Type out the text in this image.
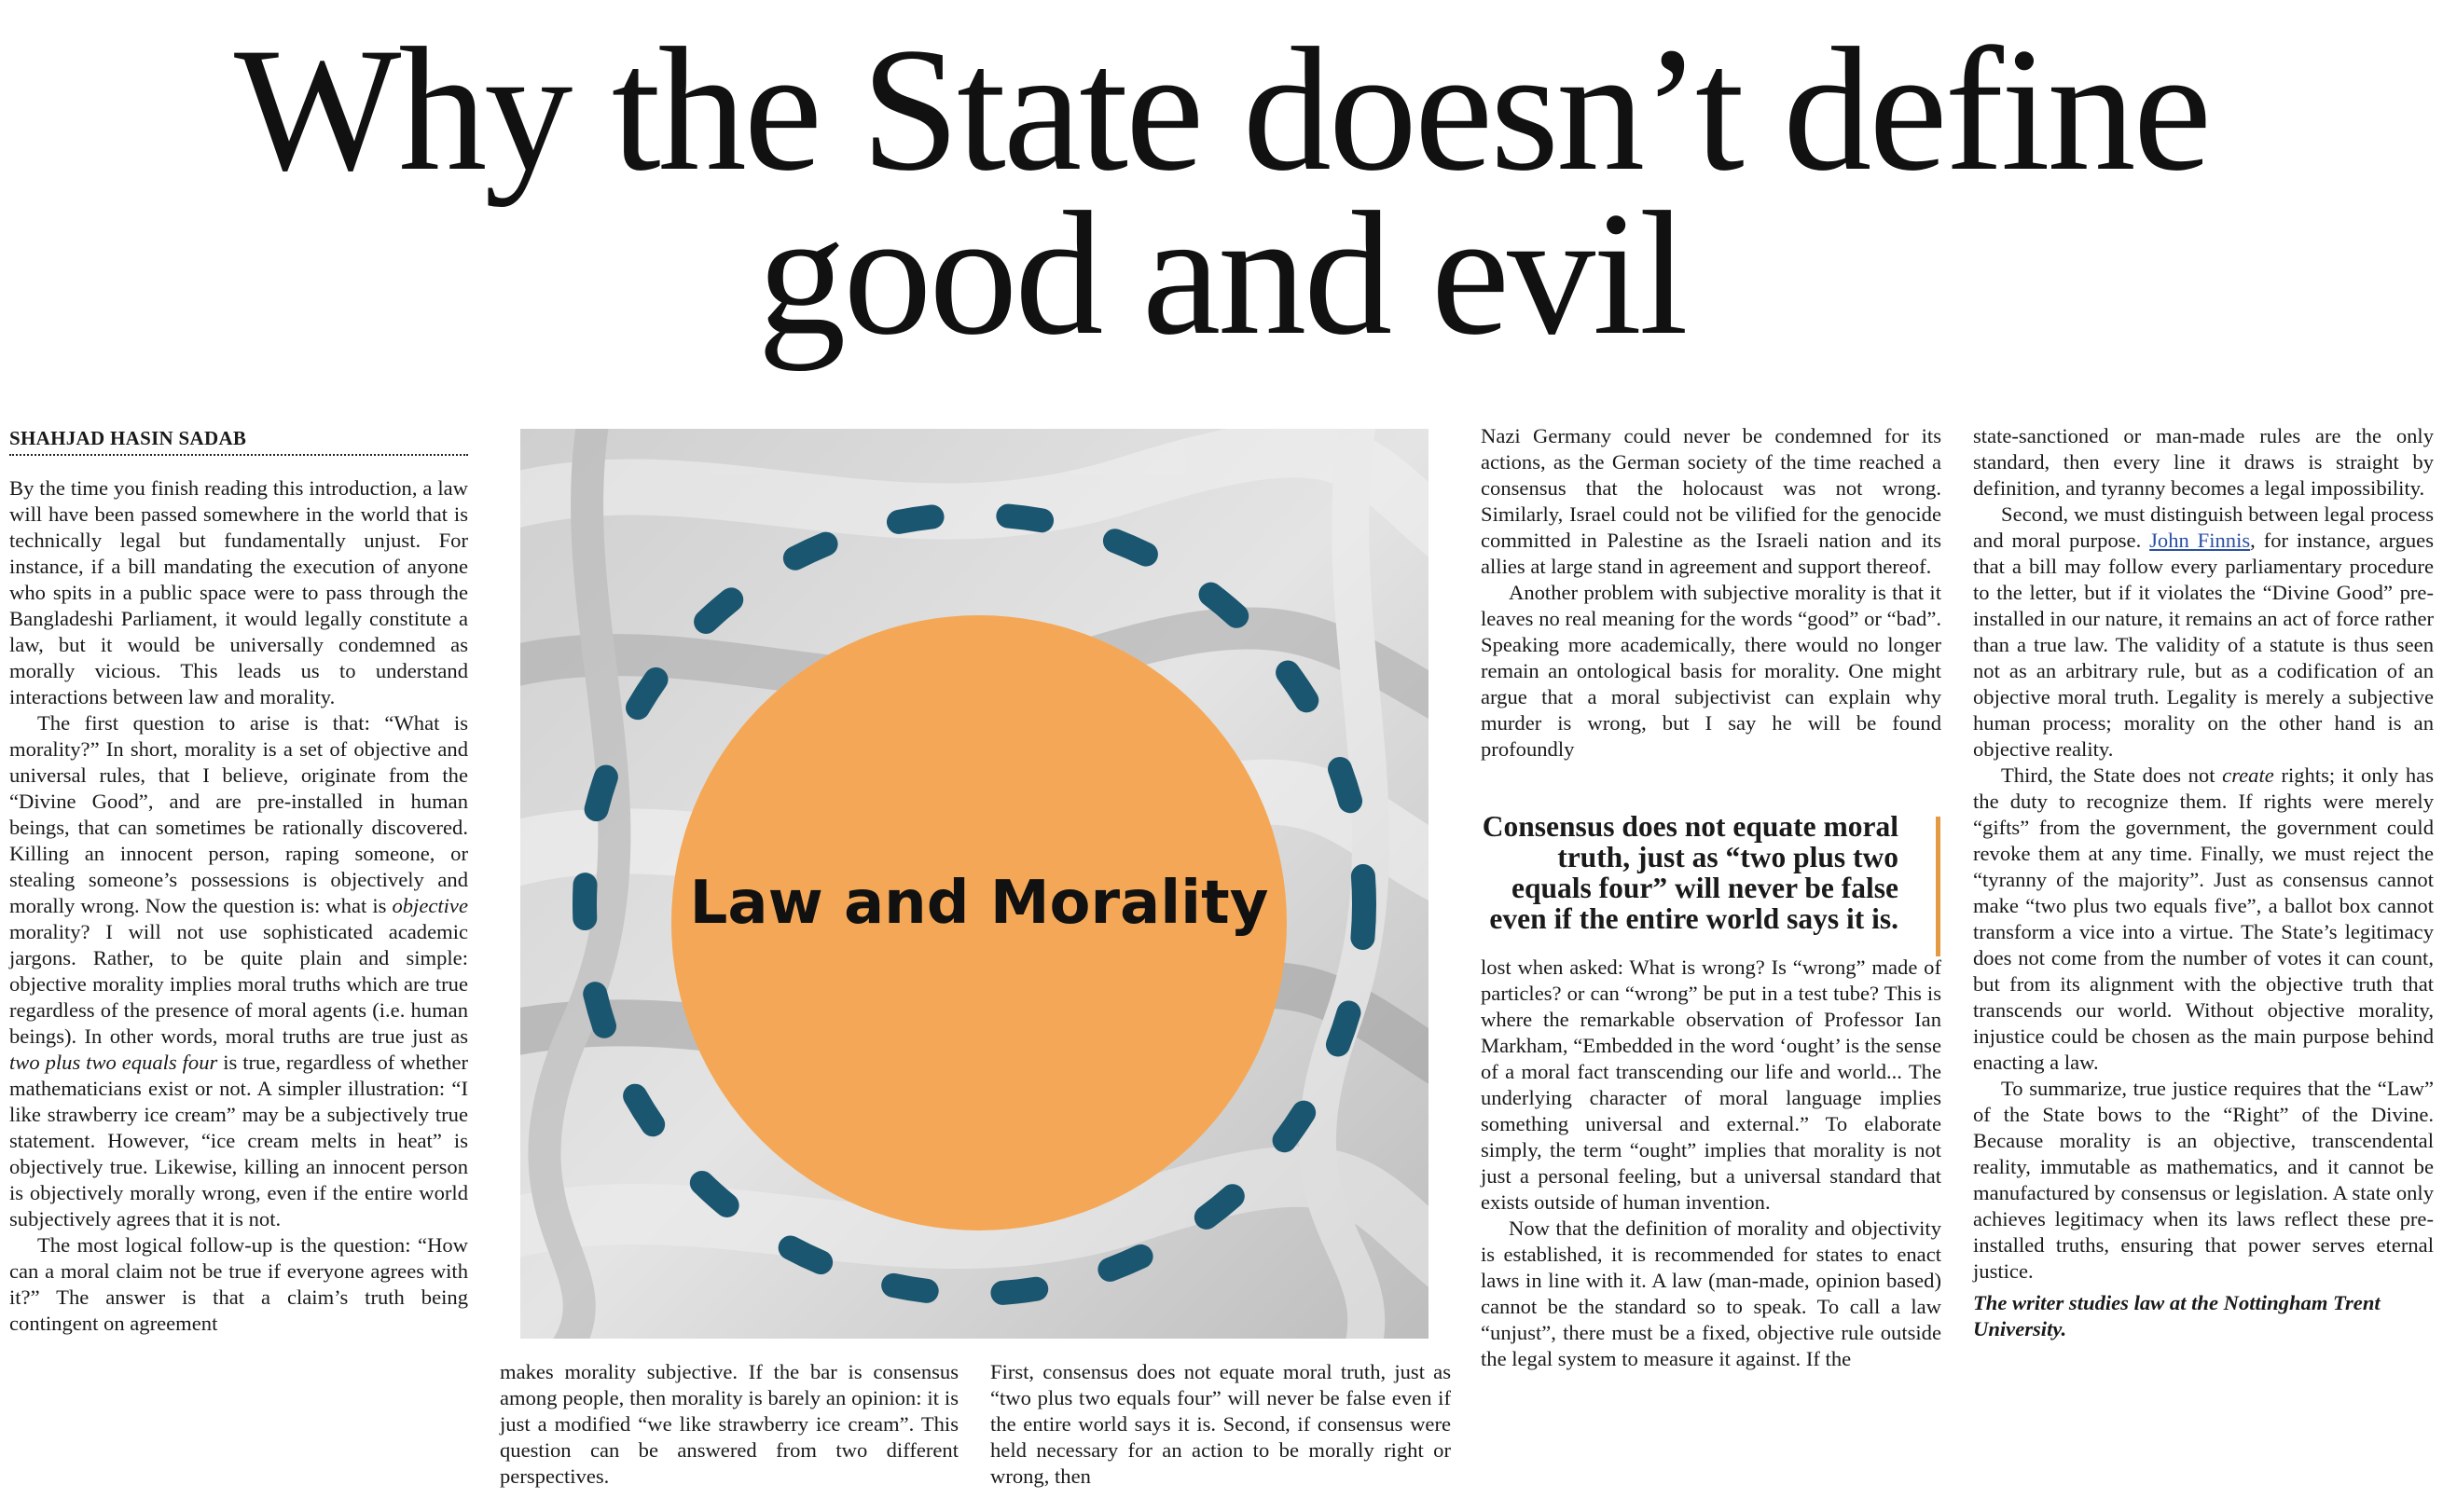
Why the State doesn’t define
good and evil
SHAHJAD HASIN SADAB

By the time you finish reading this introduction, a law will have been passed somewhere in the world that is technically legal but fundamentally unjust. For instance, if a bill mandating the execution of anyone who spits in a public space were to pass through the Bangladeshi Parliament, it would legally constitute a law, but it would be universally condemned as morally vicious. This leads us to understand interactions between law and morality.

The first question to arise is that: “What is morality?” In short, morality is a set of objective and universal rules, that I believe, originate from the “Divine Good”, and are pre-installed in human beings, that can sometimes be rationally discovered. Killing an innocent person, raping someone, or stealing someone’s possessions is objectively and morally wrong. Now the question is: what is objective morality? I will not use sophisticated academic jargons. Rather, to be quite plain and simple: objective morality implies moral truths which are true regardless of the presence of moral agents (i.e. human beings). In other words, moral truths are true just as two plus two equals four is true, regardless of whether mathematicians exist or not. A simpler illustration: “I like strawberry ice cream” may be a subjectively true statement. However, “ice cream melts in heat” is objectively true. Likewise, killing an innocent person is objectively morally wrong, even if the entire world subjectively agrees that it is not.

The most logical follow-up is the question: “How can a moral claim not be true if everyone agrees with it?” The answer is that a claim’s truth being contingent on agreement

Law and Morality

makes morality subjective. If the bar is consensus among people, then morality is barely an opinion: it is just a modified “we like strawberry ice cream”. This question can be answered from two different perspectives.

First, consensus does not equate moral truth, just as “two plus two equals four” will never be false even if the entire world says it is. Second, if consensus were held necessary for an action to be morally right or wrong, then

Nazi Germany could never be condemned for its actions, as the German society of the time reached a consensus that the holocaust was not wrong. Similarly, Israel could not be vilified for the genocide committed in Palestine as the Israeli nation and its allies at large stand in agreement and support thereof.

Another problem with subjective morality is that it leaves no real meaning for the words “good” or “bad”. Speaking more academically, there would no longer remain an ontological basis for morality. One might argue that a moral subjectivist can explain why murder is wrong, but I say he will be found profoundly

Consensus does not equate moral truth, just as “two plus two equals four” will never be false even if the entire world says it is.

lost when asked: What is wrong? Is “wrong” made of particles? or can “wrong” be put in a test tube? This is where the remarkable observation of Professor Ian Markham, “Embedded in the word ‘ought’ is the sense of a moral fact transcending our life and world... The underlying character of moral language implies something universal and external.” To elaborate simply, the term “ought” implies that morality is not just a personal feeling, but a universal standard that exists outside of human invention.

Now that the definition of morality and objectivity is established, it is recommended for states to enact laws in line with it. A law (man-made, opinion based) cannot be the standard so to speak. To call a law “unjust”, there must be a fixed, objective rule outside the legal system to measure it against. If the

state-sanctioned or man-made rules are the only standard, then every line it draws is straight by definition, and tyranny becomes a legal impossibility.

Second, we must distinguish between legal process and moral purpose. John Finnis, for instance, argues that a bill may follow every parliamentary procedure to the letter, but if it violates the “Divine Good” pre-installed in our nature, it remains an act of force rather than a true law. The validity of a statute is thus seen not as an arbitrary rule, but as a codification of an objective moral truth. Legality is merely a subjective human process; morality on the other hand is an objective reality.

Third, the State does not create rights; it only has the duty to recognize them. If rights were merely “gifts” from the government, the government could revoke them at any time. Finally, we must reject the “tyranny of the majority”. Just as consensus cannot make “two plus two equals five”, a ballot box cannot transform a vice into a virtue. The State’s legitimacy does not come from the number of votes it can count, but from its alignment with the objective truth that transcends our world. Without objective morality, injustice could be chosen as the main purpose behind enacting a law.

To summarize, true justice requires that the “Law” of the State bows to the “Right” of the Divine. Because morality is an objective, transcendental reality, immutable as mathematics, and it cannot be manufactured by consensus or legislation. A state only achieves legitimacy when its laws reflect these pre-installed truths, ensuring that power serves eternal justice.

The writer studies law at the Nottingham Trent University.
